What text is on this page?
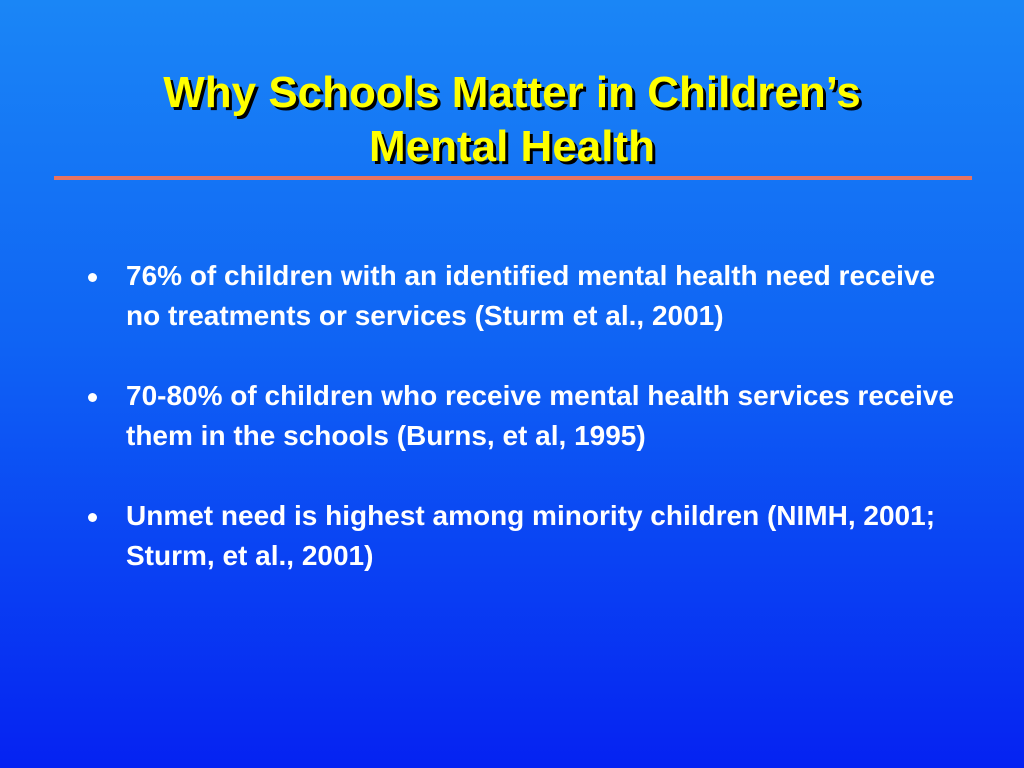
Why Schools Matter in Children’s
Mental Health
76% of children with an identified mental health need receive no treatments or services (Sturm et al., 2001)
70-80% of children who receive mental health services receive them in the schools (Burns, et al, 1995)
Unmet need is highest among minority children (NIMH, 2001; Sturm, et al., 2001)
